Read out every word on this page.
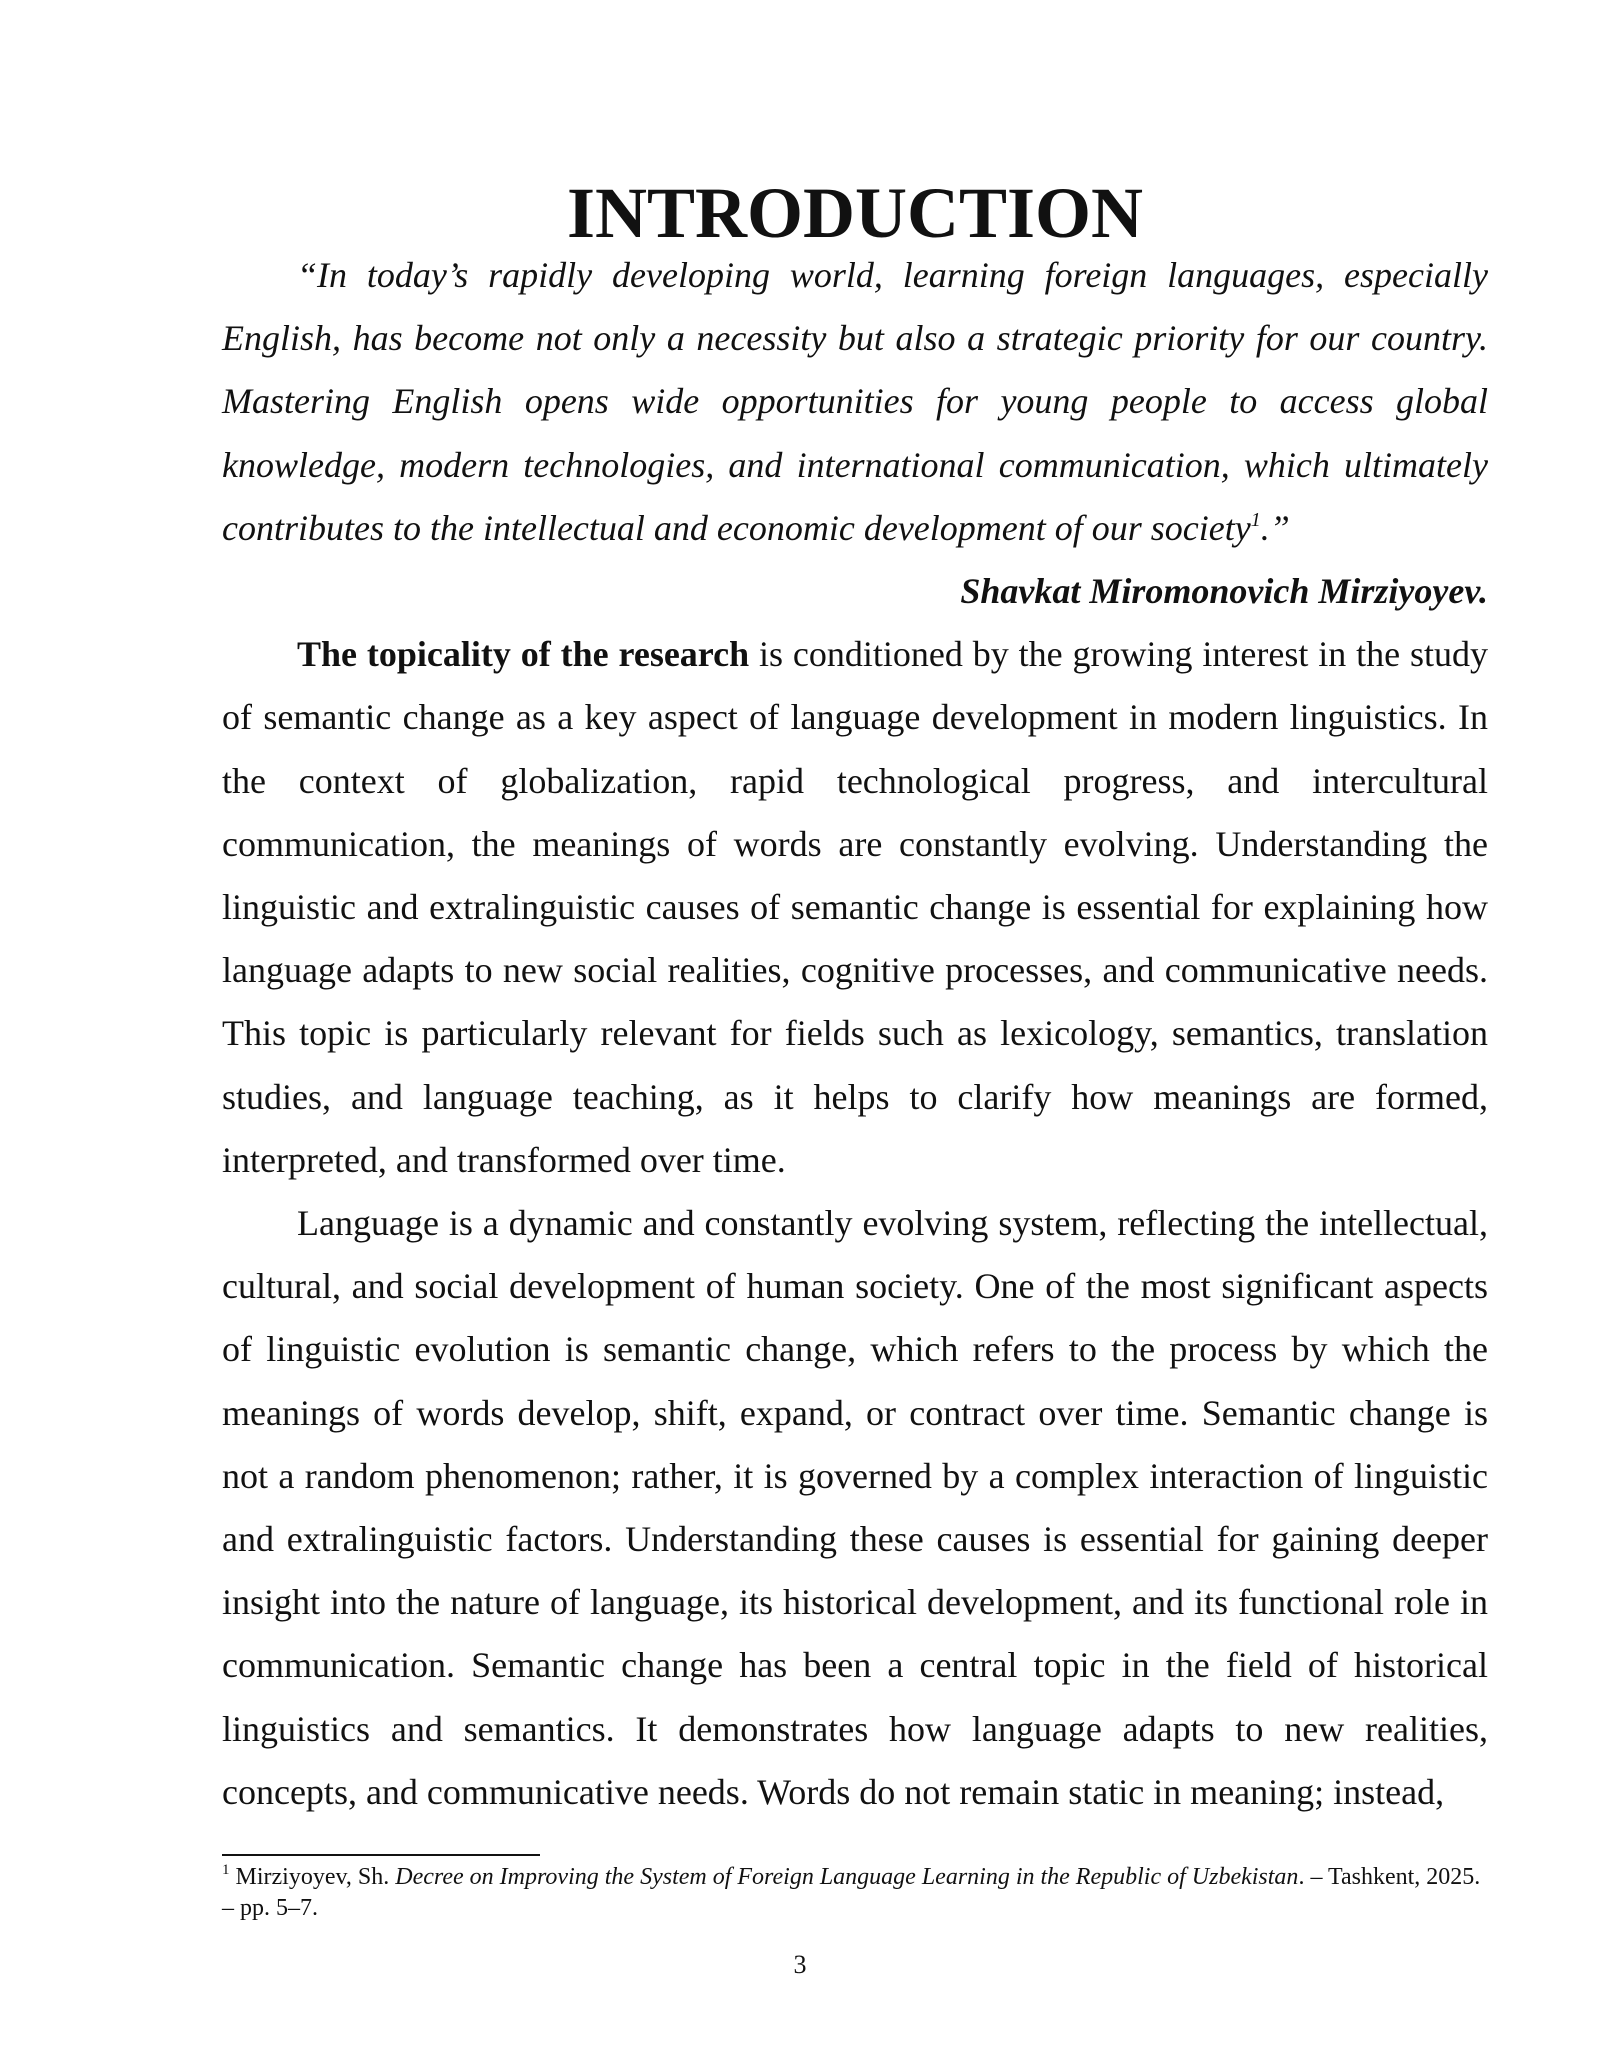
INTRODUCTION

“In today’s rapidly developing world, learning foreign languages, especially English, has become not only a necessity but also a strategic priority for our country. Mastering English opens wide opportunities for young people to access global knowledge, modern technologies, and international communication, which ultimately contributes to the intellectual and economic development of our society$^1$.”

Shavkat Miromonovich Mirziyoyev.

The topicality of the research is conditioned by the growing interest in the study of semantic change as a key aspect of language development in modern linguistics. In the context of globalization, rapid technological progress, and intercultural communication, the meanings of words are constantly evolving. Understanding the linguistic and extralinguistic causes of semantic change is essential for explaining how language adapts to new social realities, cognitive processes, and communicative needs. This topic is particularly relevant for fields such as lexicology, semantics, translation studies, and language teaching, as it helps to clarify how meanings are formed, interpreted, and transformed over time.

Language is a dynamic and constantly evolving system, reflecting the intellectual, cultural, and social development of human society. One of the most significant aspects of linguistic evolution is semantic change, which refers to the process by which the meanings of words develop, shift, expand, or contract over time. Semantic change is not a random phenomenon; rather, it is governed by a complex interaction of linguistic and extralinguistic factors. Understanding these causes is essential for gaining deeper insight into the nature of language, its historical development, and its functional role in communication. Semantic change has been a central topic in the field of historical linguistics and semantics. It demonstrates how language adapts to new realities, concepts, and communicative needs. Words do not remain static in meaning; instead,

$^1$ Mirziyoyev, Sh. Decree on Improving the System of Foreign Language Learning in the Republic of Uzbekistan. – Tashkent, 2025. – pp. 5–7.
3
